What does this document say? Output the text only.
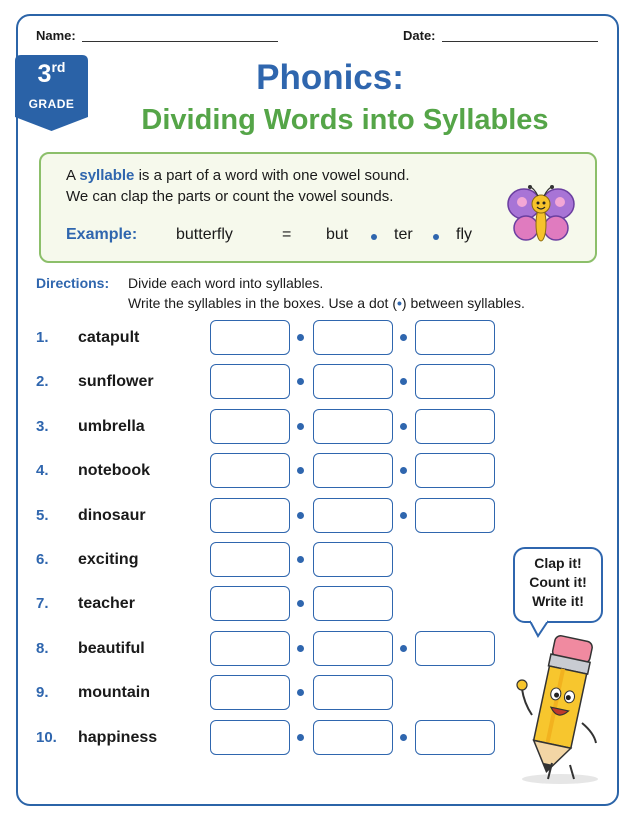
Name:	Date:
3rd
GRADE
Phonics:
Dividing Words into Syllables
A syllable is a part of a word with one vowel sound.
We can clap the parts or count the vowel sounds.
Example: butterfly	= but	ter	fly
Directions: Divide each word into syllables.
Write the syllables in the boxes. Use a dot (•) between syllables.
1. catapult
2. sunflower
3. umbrella
4. notebook
5. dinosaur
6. exciting
7. teacher
8. beautiful
9. mountain
10. happiness
Clap it!
Count it!
Write it!
